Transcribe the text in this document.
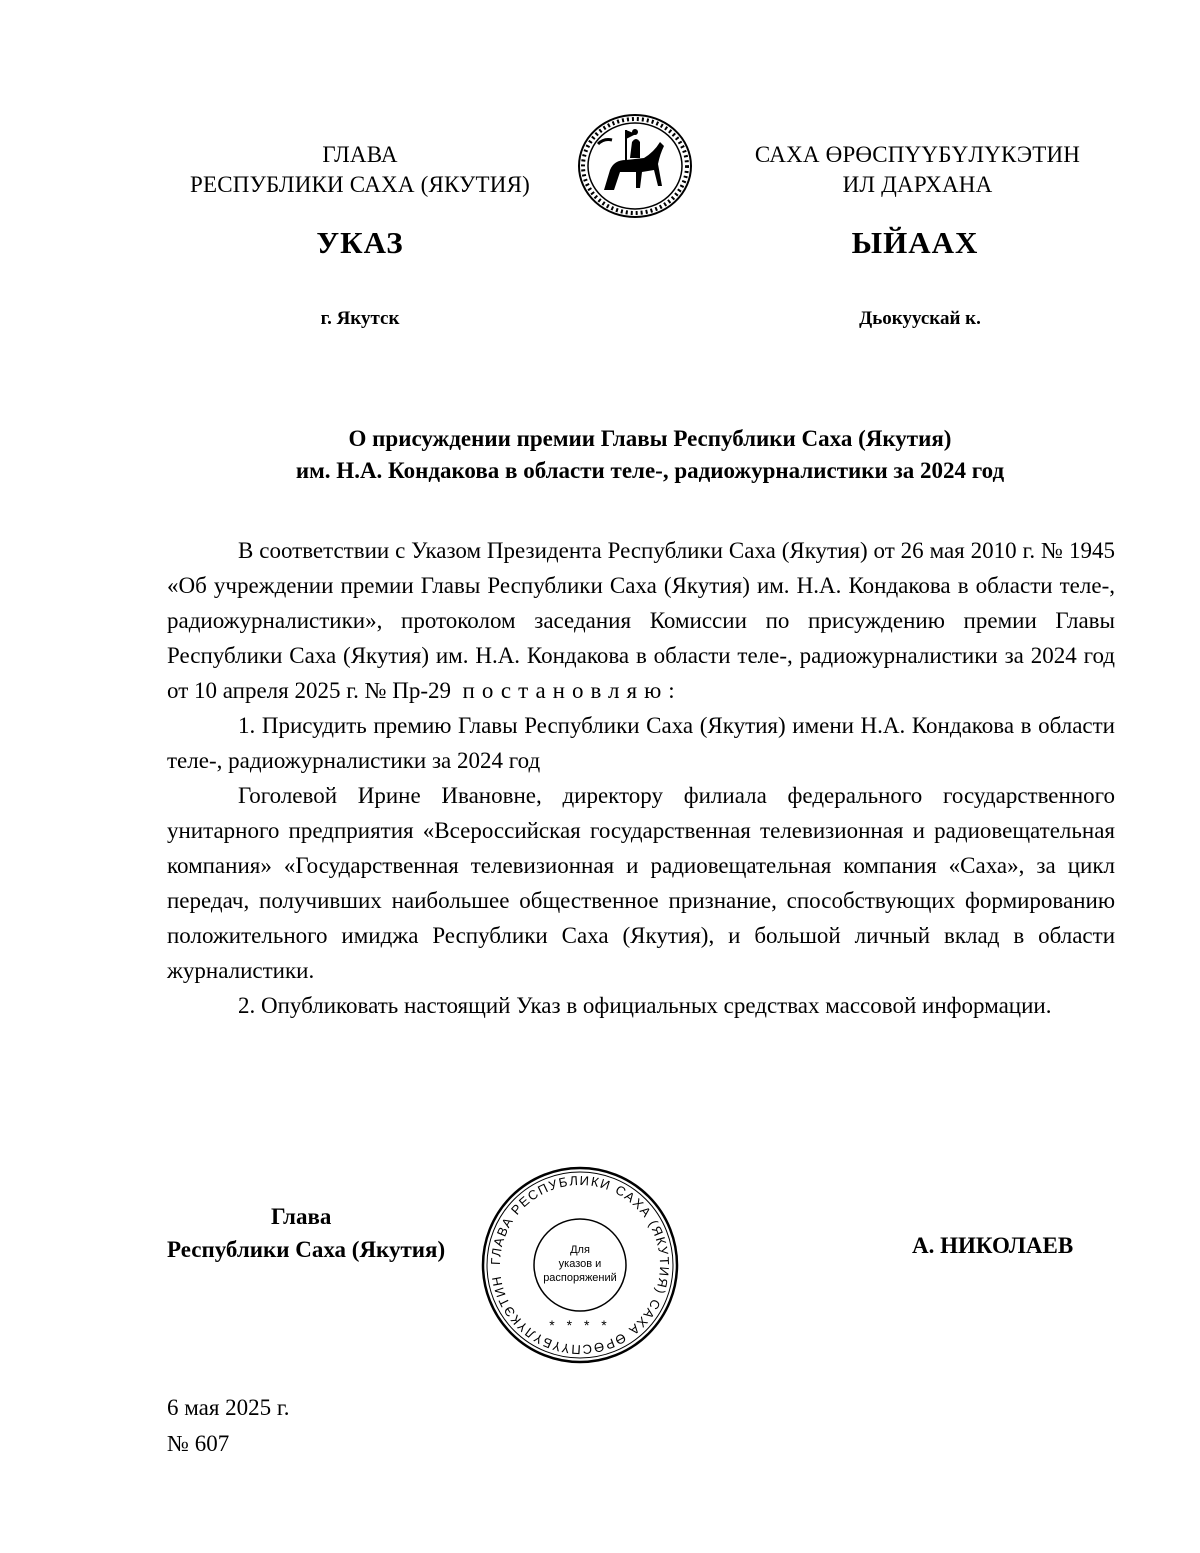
ГЛАВА
РЕСПУБЛИКИ САХА (ЯКУТИЯ)
САХА ӨРӨСПҮҮБҮЛҮКЭТИН
ИЛ ДАРХАНА
УКАЗ	ЫЙААХ
г. Якутск	Дьокуускай к.
О присуждении премии Главы Республики Саха (Якутия)
им. Н.А. Кондакова в области теле-, радиожурналистики за 2024 год

В соответствии с Указом Президента Республики Саха (Якутия) от 26 мая 2010 г. № 1945 «Об учреждении премии Главы Республики Саха (Якутия) им. Н.А. Кондакова в области теле-, радиожурналистики», протоколом заседания Комиссии по присуждению премии Главы Республики Саха (Якутия) им. Н.А. Кондакова в области теле-, радиожурналистики за 2024 год от 10 апреля 2025 г. № Пр-29 постановляю:

1. Присудить премию Главы Республики Саха (Якутия) имени Н.А. Кондакова в области теле-, радиожурналистики за 2024 год

Гоголевой Ирине Ивановне, директору филиала федерального государственного унитарного предприятия «Всероссийская государственная телевизионная и радиовещательная компания» «Государственная телевизионная и радиовещательная компания «Саха», за цикл передач, получивших наибольшее общественное признание, способствующих формированию положительного имиджа Республики Саха (Якутия), и большой личный вклад в области журналистики.

2. Опубликовать настоящий Указ в официальных средствах массовой информации.

Глава
Республики Саха (Якутия)	ГЛАВА РЕСПУБЛИКИ САХА (ЯКУТИЯ) САХА ӨРӨСПҮҮБҮЛҮКЭТИН
Для
указов и
распоряжений
* * * *
А. НИКОЛАЕВ
6 мая 2025 г.
№ 607
